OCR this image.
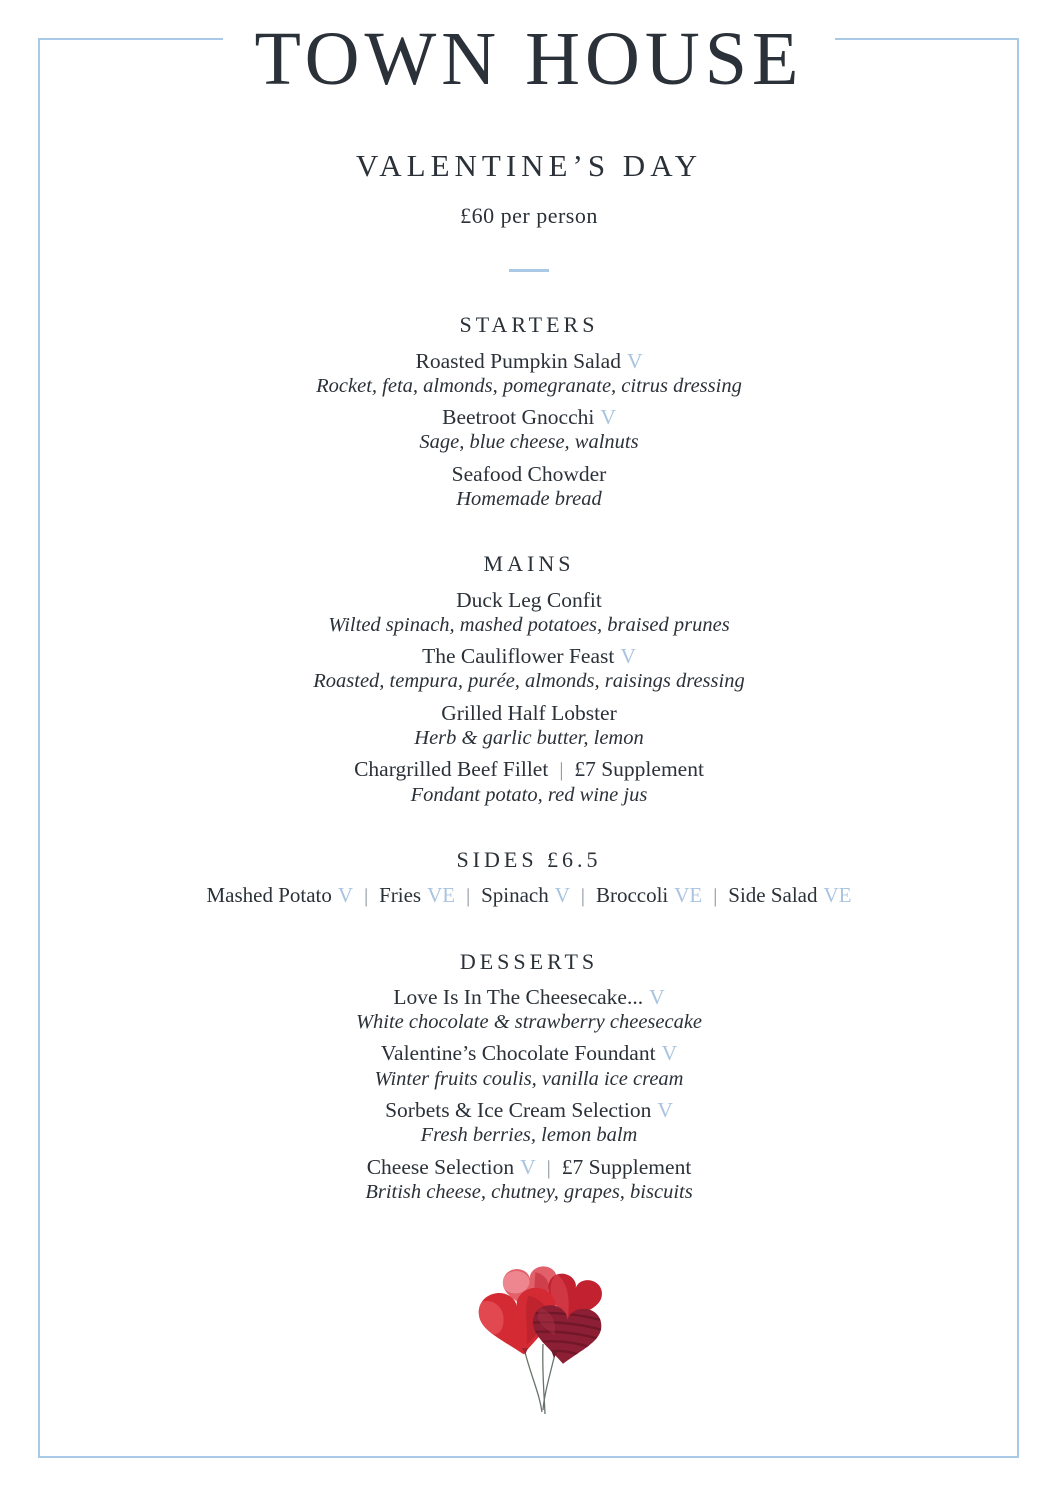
TOWN HOUSE
VALENTINE’S DAY
£60 per person
STARTERS
Roasted Pumpkin Salad V
Rocket, feta, almonds, pomegranate, citrus dressing
Beetroot Gnocchi V
Sage, blue cheese, walnuts
Seafood Chowder
Homemade bread
MAINS
Duck Leg Confit
Wilted spinach, mashed potatoes, braised prunes
The Cauliflower Feast V
Roasted, tempura, purée, almonds, raisings dressing
Grilled Half Lobster
Herb & garlic butter, lemon
Chargrilled Beef Fillet | £7 Supplement
Fondant potato, red wine jus
SIDES £6.5
Mashed Potato V | Fries VE | Spinach V | Broccoli VE | Side Salad VE
DESSERTS
Love Is In The Cheesecake... V
White chocolate & strawberry cheesecake
Valentine’s Chocolate Foundant V
Winter fruits coulis, vanilla ice cream
Sorbets & Ice Cream Selection V
Fresh berries, lemon balm
Cheese Selection V | £7 Supplement
British cheese, chutney, grapes, biscuits
